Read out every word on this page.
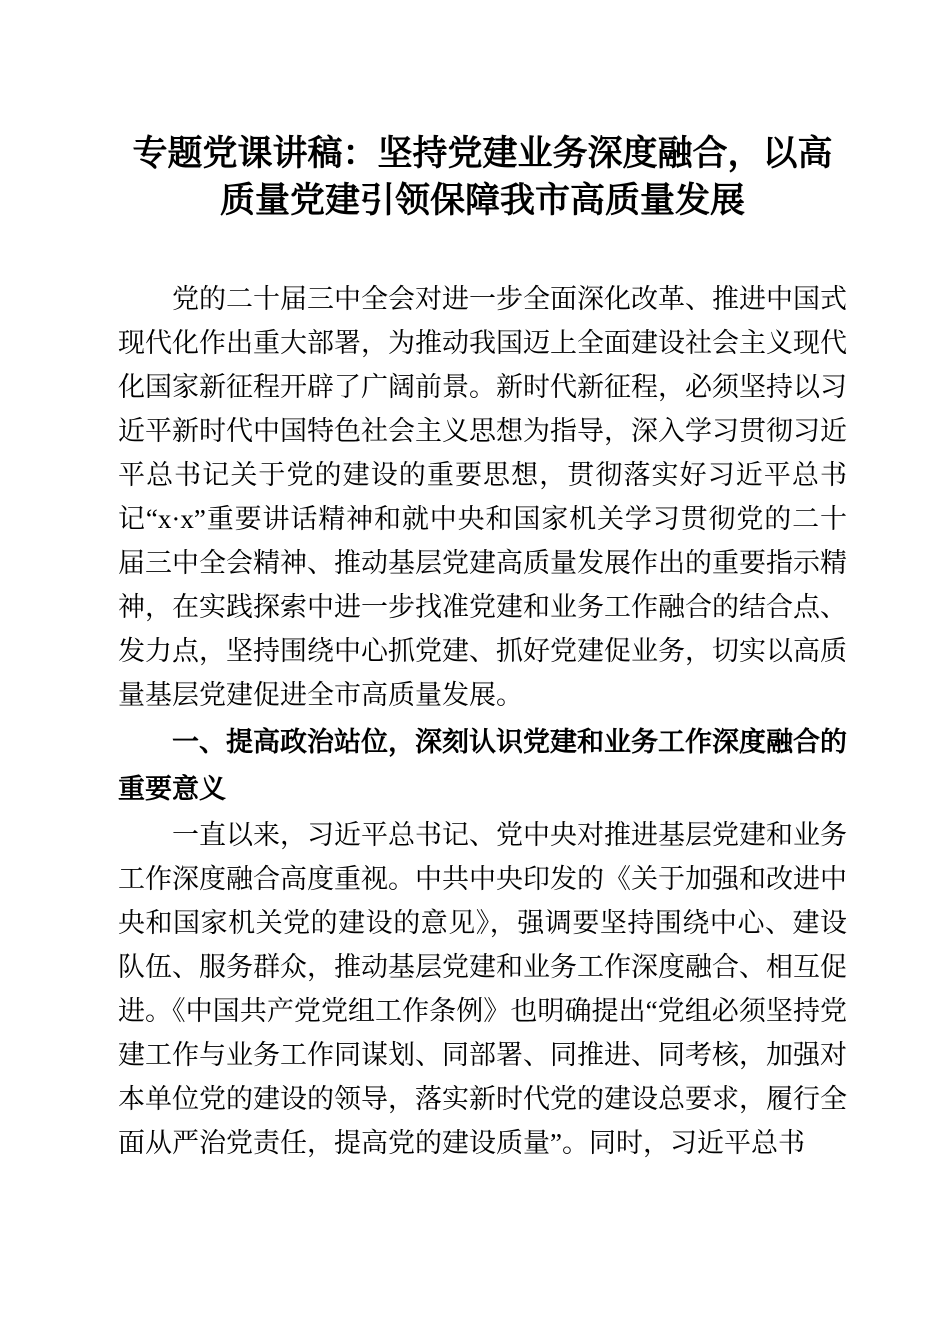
专题党课讲稿：坚持党建业务深度融合，以高质量党建引领保障我市高质量发展

党的二十届三中全会对进一步全面深化改革、推进中国式现代化作出重大部署，为推动我国迈上全面建设社会主义现代化国家新征程开辟了广阔前景。新时代新征程，必须坚持以习近平新时代中国特色社会主义思想为指导，深入学习贯彻习近平总书记关于党的建设的重要思想，贯彻落实好习近平总书记“x·x”重要讲话精神和就中央和国家机关学习贯彻党的二十届三中全会精神、推动基层党建高质量发展作出的重要指示精神，在实践探索中进一步找准党建和业务工作融合的结合点、发力点，坚持围绕中心抓党建、抓好党建促业务，切实以高质量基层党建促进全市高质量发展。

一、提高政治站位，深刻认识党建和业务工作深度融合的重要意义

一直以来，习近平总书记、党中央对推进基层党建和业务工作深度融合高度重视。中共中央印发的《关于加强和改进中央和国家机关党的建设的意见》，强调要坚持围绕中心、建设队伍、服务群众，推动基层党建和业务工作深度融合、相互促进。《中国共产党党组工作条例》也明确提出“党组必须坚持党建工作与业务工作同谋划、同部署、同推进、同考核，加强对本单位党的建设的领导，落实新时代党的建设总要求，履行全面从严治党责任，提高党的建设质量”。同时，习近平总书
